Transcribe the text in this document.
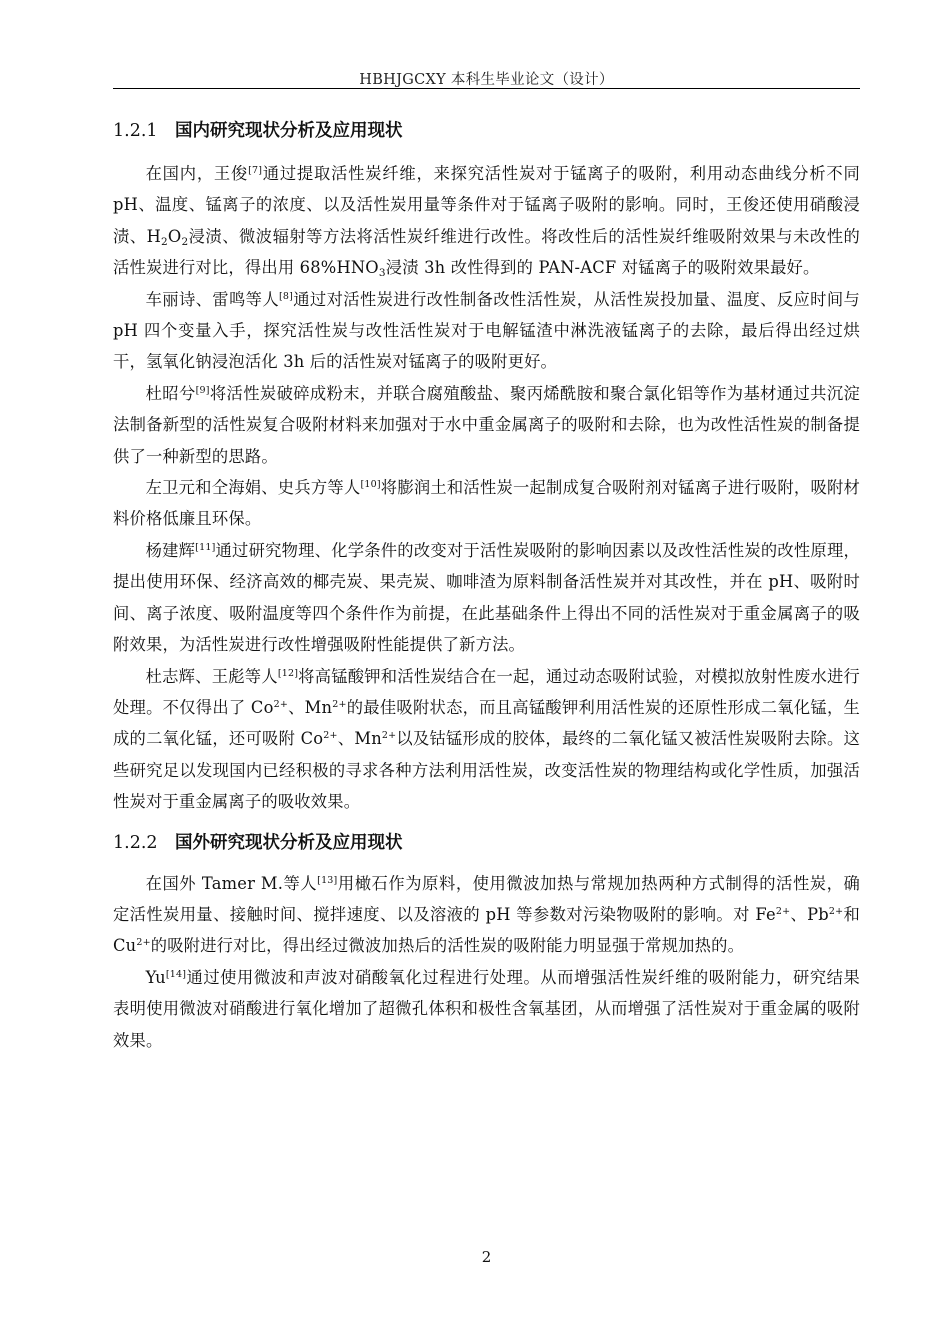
HBHJGCXY 本科生毕业论文（设计）
1.2.1 国内研究现状分析及应用现状

在国内，王俊[7]通过提取活性炭纤维，来探究活性炭对于锰离子的吸附，利用动态曲线分析不同 pH、温度、锰离子的浓度、以及活性炭用量等条件对于锰离子吸附的影响。同时，王俊还使用硝酸浸渍、$H_2O_2$浸渍、微波辐射等方法将活性炭纤维进行改性。将改性后的活性炭纤维吸附效果与未改性的活性炭进行对比，得出用 $68\%HNO_3$浸渍 3h 改性得到的 PAN-ACF 对锰离子的吸附效果最好。

车丽诗、雷鸣等人[8]通过对活性炭进行改性制备改性活性炭，从活性炭投加量、温度、反应时间与 pH 四个变量入手，探究活性炭与改性活性炭对于电解锰渣中淋洗液锰离子的去除，最后得出经过烘干，氢氧化钠浸泡活化 3h 后的活性炭对锰离子的吸附更好。

杜昭兮[9]将活性炭破碎成粉末，并联合腐殖酸盐、聚丙烯酰胺和聚合氯化铝等作为基材通过共沉淀法制备新型的活性炭复合吸附材料来加强对于水中重金属离子的吸附和去除，也为改性活性炭的制备提供了一种新型的思路。

左卫元和仝海娟、史兵方等人[10]将膨润土和活性炭一起制成复合吸附剂对锰离子进行吸附，吸附材料价格低廉且环保。

杨建辉[11]通过研究物理、化学条件的改变对于活性炭吸附的影响因素以及改性活性炭的改性原理，提出使用环保、经济高效的椰壳炭、果壳炭、咖啡渣为原料制备活性炭并对其改性，并在 pH、吸附时间、离子浓度、吸附温度等四个条件作为前提，在此基础条件上得出不同的活性炭对于重金属离子的吸附效果，为活性炭进行改性增强吸附性能提供了新方法。

杜志辉、王彪等人[12]将高锰酸钾和活性炭结合在一起，通过动态吸附试验，对模拟放射性废水进行处理。不仅得出了 $Co^{2+}$、$Mn^{2+}$的最佳吸附状态，而且高锰酸钾利用活性炭的还原性形成二氧化锰，生成的二氧化锰，还可吸附 $Co^{2+}$、$Mn^{2+}$以及钴锰形成的胶体，最终的二氧化锰又被活性炭吸附去除。这些研究足以发现国内已经积极的寻求各种方法利用活性炭，改变活性炭的物理结构或化学性质，加强活性炭对于重金属离子的吸收效果。

1.2.2 国外研究现状分析及应用现状

在国外 Tamer M.等人[13]用橄石作为原料，使用微波加热与常规加热两种方式制得的活性炭，确定活性炭用量、接触时间、搅拌速度、以及溶液的 pH 等参数对污染物吸附的影响。对 $Fe^{2+}$、$Pb^{2+}$和 $Cu^{2+}$的吸附进行对比，得出经过微波加热后的活性炭的吸附能力明显强于常规加热的。

Yu[14]通过使用微波和声波对硝酸氧化过程进行处理。从而增强活性炭纤维的吸附能力，研究结果表明使用微波对硝酸进行氧化增加了超微孔体积和极性含氧基团，从而增强了活性炭对于重金属的吸附效果。

2
